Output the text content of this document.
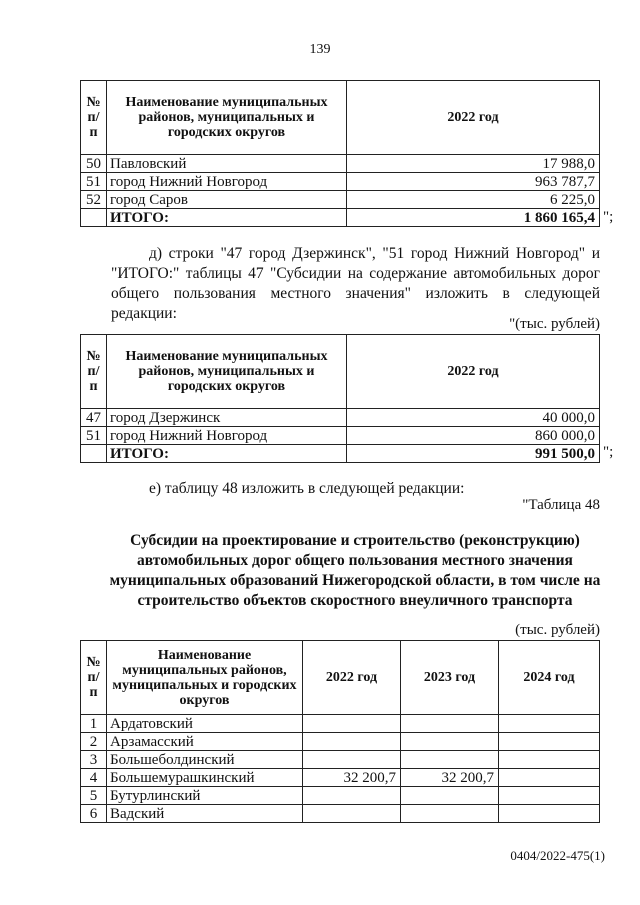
139
№ п/п	Наименование муниципальных районов, муниципальных и городских округов	2022 год
50	Павловский	17 988,0
51	город Нижний Новгород	963 787,7
52	город Саров	6 225,0
	ИТОГО:	1 860 165,4 ";
д) строки "47 город Дзержинск", "51 город Нижний Новгород" и "ИТОГО:" таблицы 47 "Субсидии на содержание автомобильных дорог общего пользования местного значения" изложить в следующей редакции:
"(тыс. рублей)
№ п/п	Наименование муниципальных районов, муниципальных и городских округов	2022 год
47	город Дзержинск	40 000,0
51	город Нижний Новгород	860 000,0
	ИТОГО:	991 500,0 ";
е) таблицу 48 изложить в следующей редакции:
"Таблица 48
Субсидии на проектирование и строительство (реконструкцию) автомобильных дорог общего пользования местного значения муниципальных образований Нижегородской области, в том числе на строительство объектов скоростного внеуличного транспорта
(тыс. рублей)
№ п/п	Наименование муниципальных районов, муниципальных и городских округов	2022 год	2023 год	2024 год
1	Ардатовский			
2	Арзамасский			
3	Большеболдинский			
4	Большемурашкинский	32 200,7	32 200,7	
5	Бутурлинский			
6	Вадский			
0404/2022-475(1)
